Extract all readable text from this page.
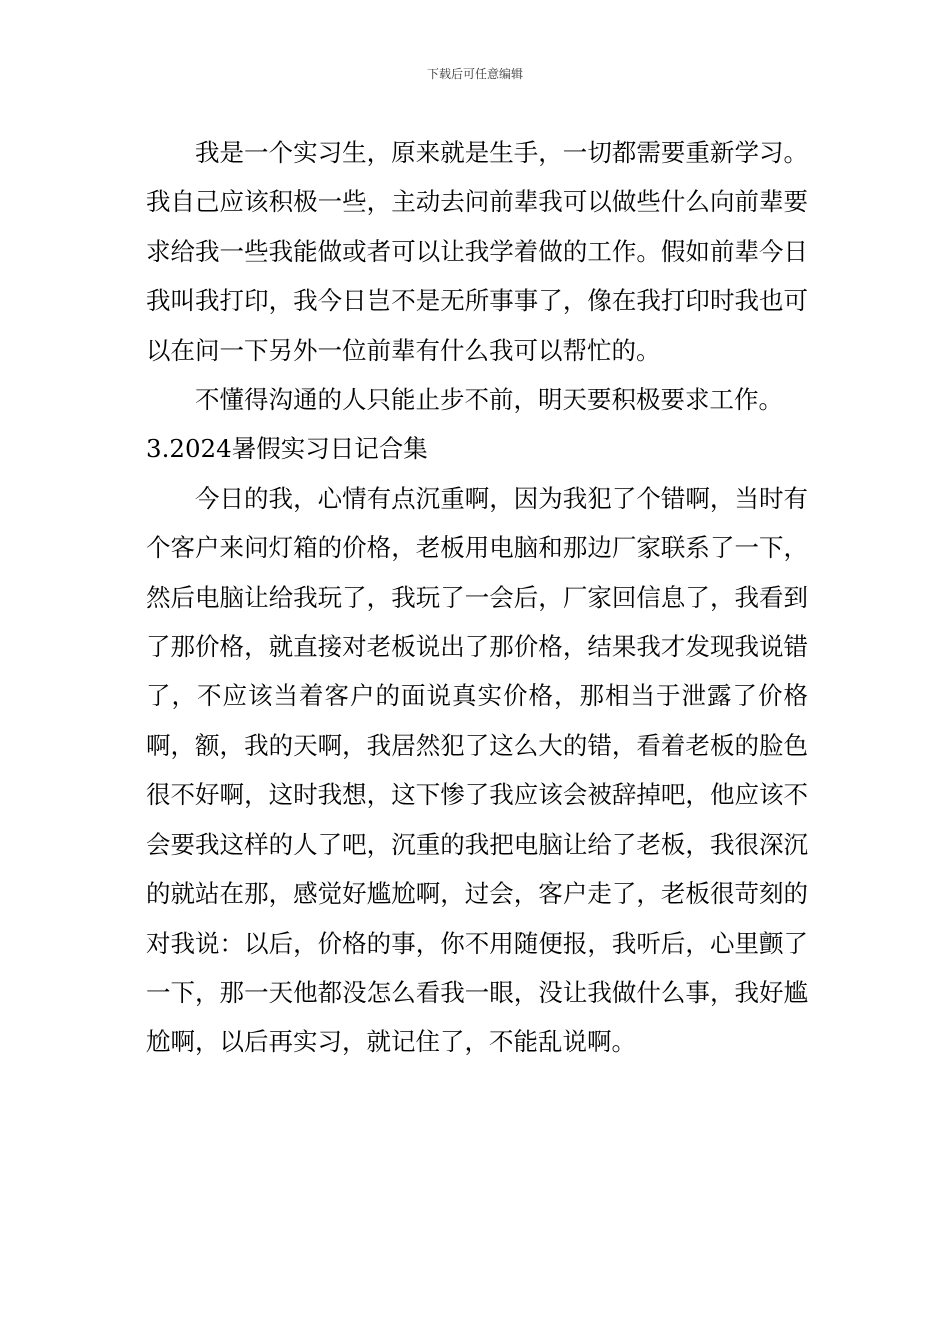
下载后可任意编辑

我是一个实习生，原来就是生手，一切都需要重新学习。我自己应该积极一些，主动去问前辈我可以做些什么向前辈要求给我一些我能做或者可以让我学着做的工作。假如前辈今日我叫我打印，我今日岂不是无所事事了，像在我打印时我也可以在问一下另外一位前辈有什么我可以帮忙的。

不懂得沟通的人只能止步不前，明天要积极要求工作。

3.2024暑假实习日记合集

今日的我，心情有点沉重啊，因为我犯了个错啊，当时有个客户来问灯箱的价格，老板用电脑和那边厂家联系了一下，然后电脑让给我玩了，我玩了一会后，厂家回信息了，我看到了那价格，就直接对老板说出了那价格，结果我才发现我说错了，不应该当着客户的面说真实价格，那相当于泄露了价格啊，额，我的天啊，我居然犯了这么大的错，看着老板的脸色很不好啊，这时我想，这下惨了我应该会被辞掉吧，他应该不会要我这样的人了吧，沉重的我把电脑让给了老板，我很深沉的就站在那，感觉好尴尬啊，过会，客户走了，老板很苛刻的对我说：以后，价格的事，你不用随便报，我听后，心里颤了一下，那一天他都没怎么看我一眼，没让我做什么事，我好尴尬啊，以后再实习，就记住了，不能乱说啊。
